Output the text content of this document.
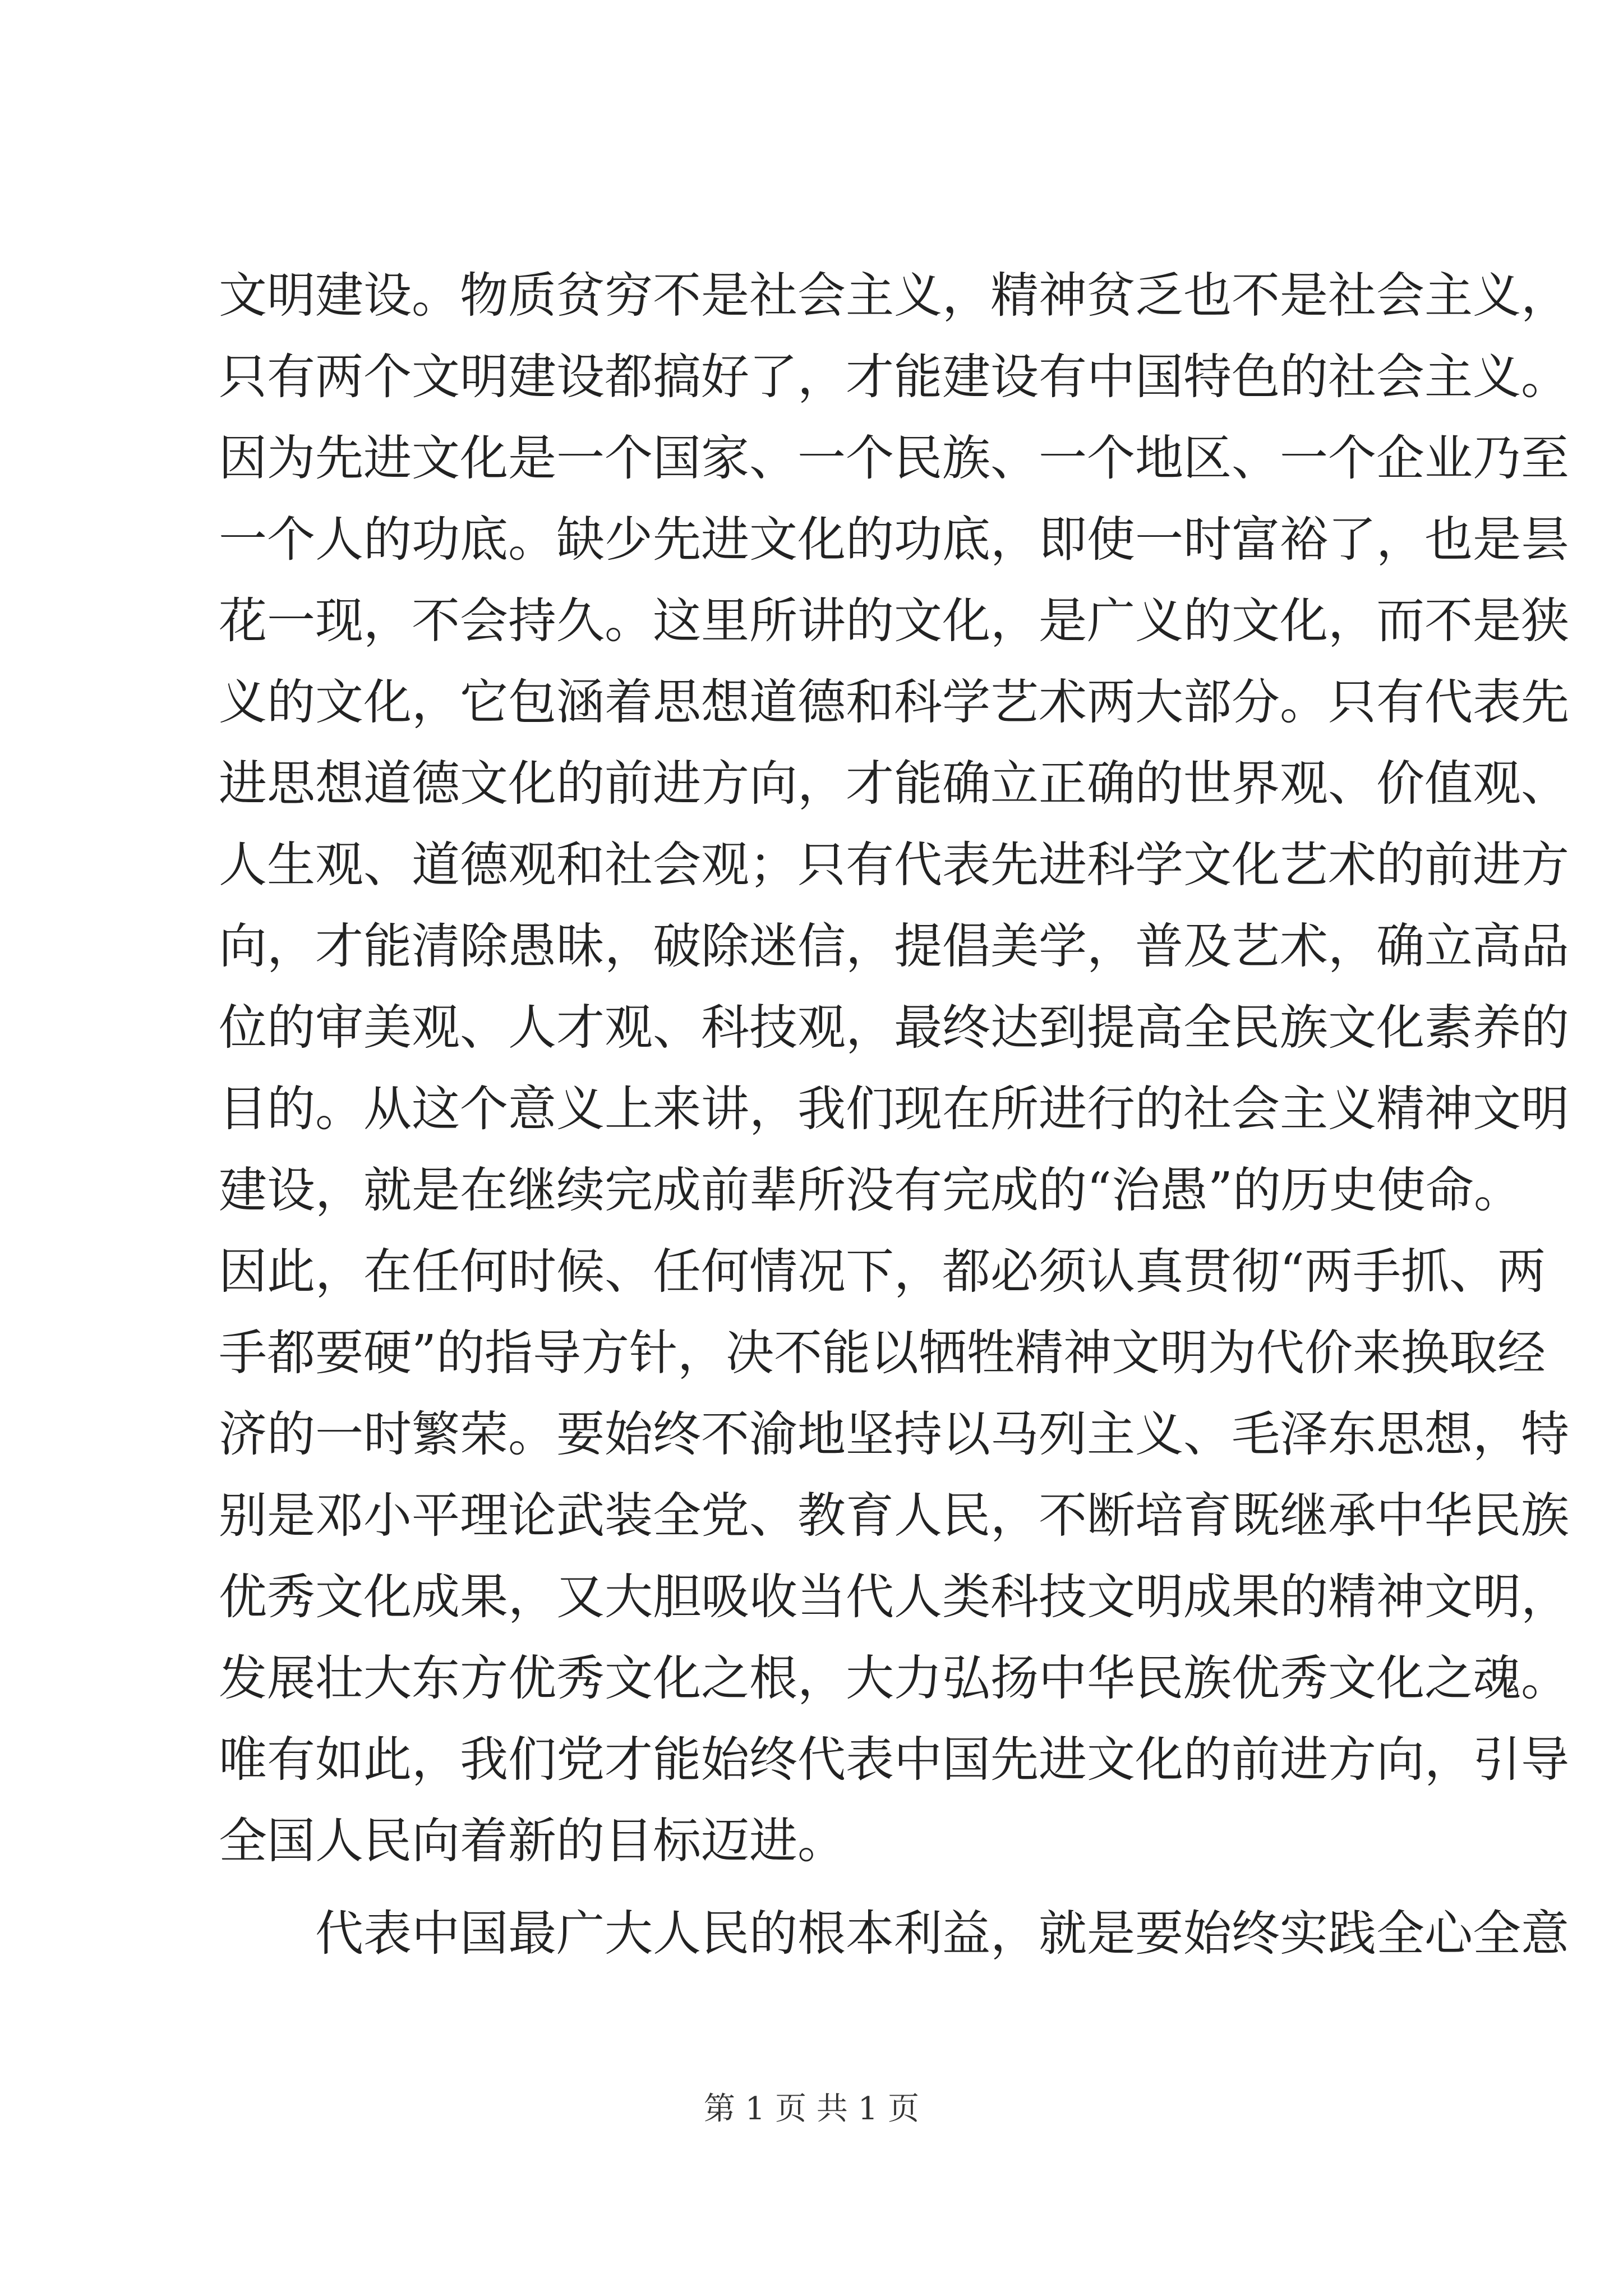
文明建设。物质贫穷不是社会主义，精神贫乏也不是社会主义，
只有两个文明建设都搞好了，才能建设有中国特色的社会主义。
因为先进文化是一个国家、一个民族、一个地区、一个企业乃至
一个人的功底。缺少先进文化的功底，即使一时富裕了，也是昙
花一现，不会持久。这里所讲的文化，是广义的文化，而不是狭
义的文化，它包涵着思想道德和科学艺术两大部分。只有代表先
进思想道德文化的前进方向，才能确立正确的世界观、价值观、
人生观、道德观和社会观；只有代表先进科学文化艺术的前进方
向，才能清除愚昧，破除迷信，提倡美学，普及艺术，确立高品
位的审美观、人才观、科技观，最终达到提高全民族文化素养的
目的。从这个意义上来讲，我们现在所进行的社会主义精神文明
建设，就是在继续完成前辈所没有完成的“治愚”的历史使命。
因此，在任何时候、任何情况下，都必须认真贯彻“两手抓、两
手都要硬”的指导方针，决不能以牺牲精神文明为代价来换取经
济的一时繁荣。要始终不渝地坚持以马列主义、毛泽东思想，特
别是邓小平理论武装全党、教育人民，不断培育既继承中华民族
优秀文化成果，又大胆吸收当代人类科技文明成果的精神文明，
发展壮大东方优秀文化之根，大力弘扬中华民族优秀文化之魂。
唯有如此，我们党才能始终代表中国先进文化的前进方向，引导
全国人民向着新的目标迈进。
代表中国最广大人民的根本利益，就是要始终实践全心全意
第 1 页 共 1 页
